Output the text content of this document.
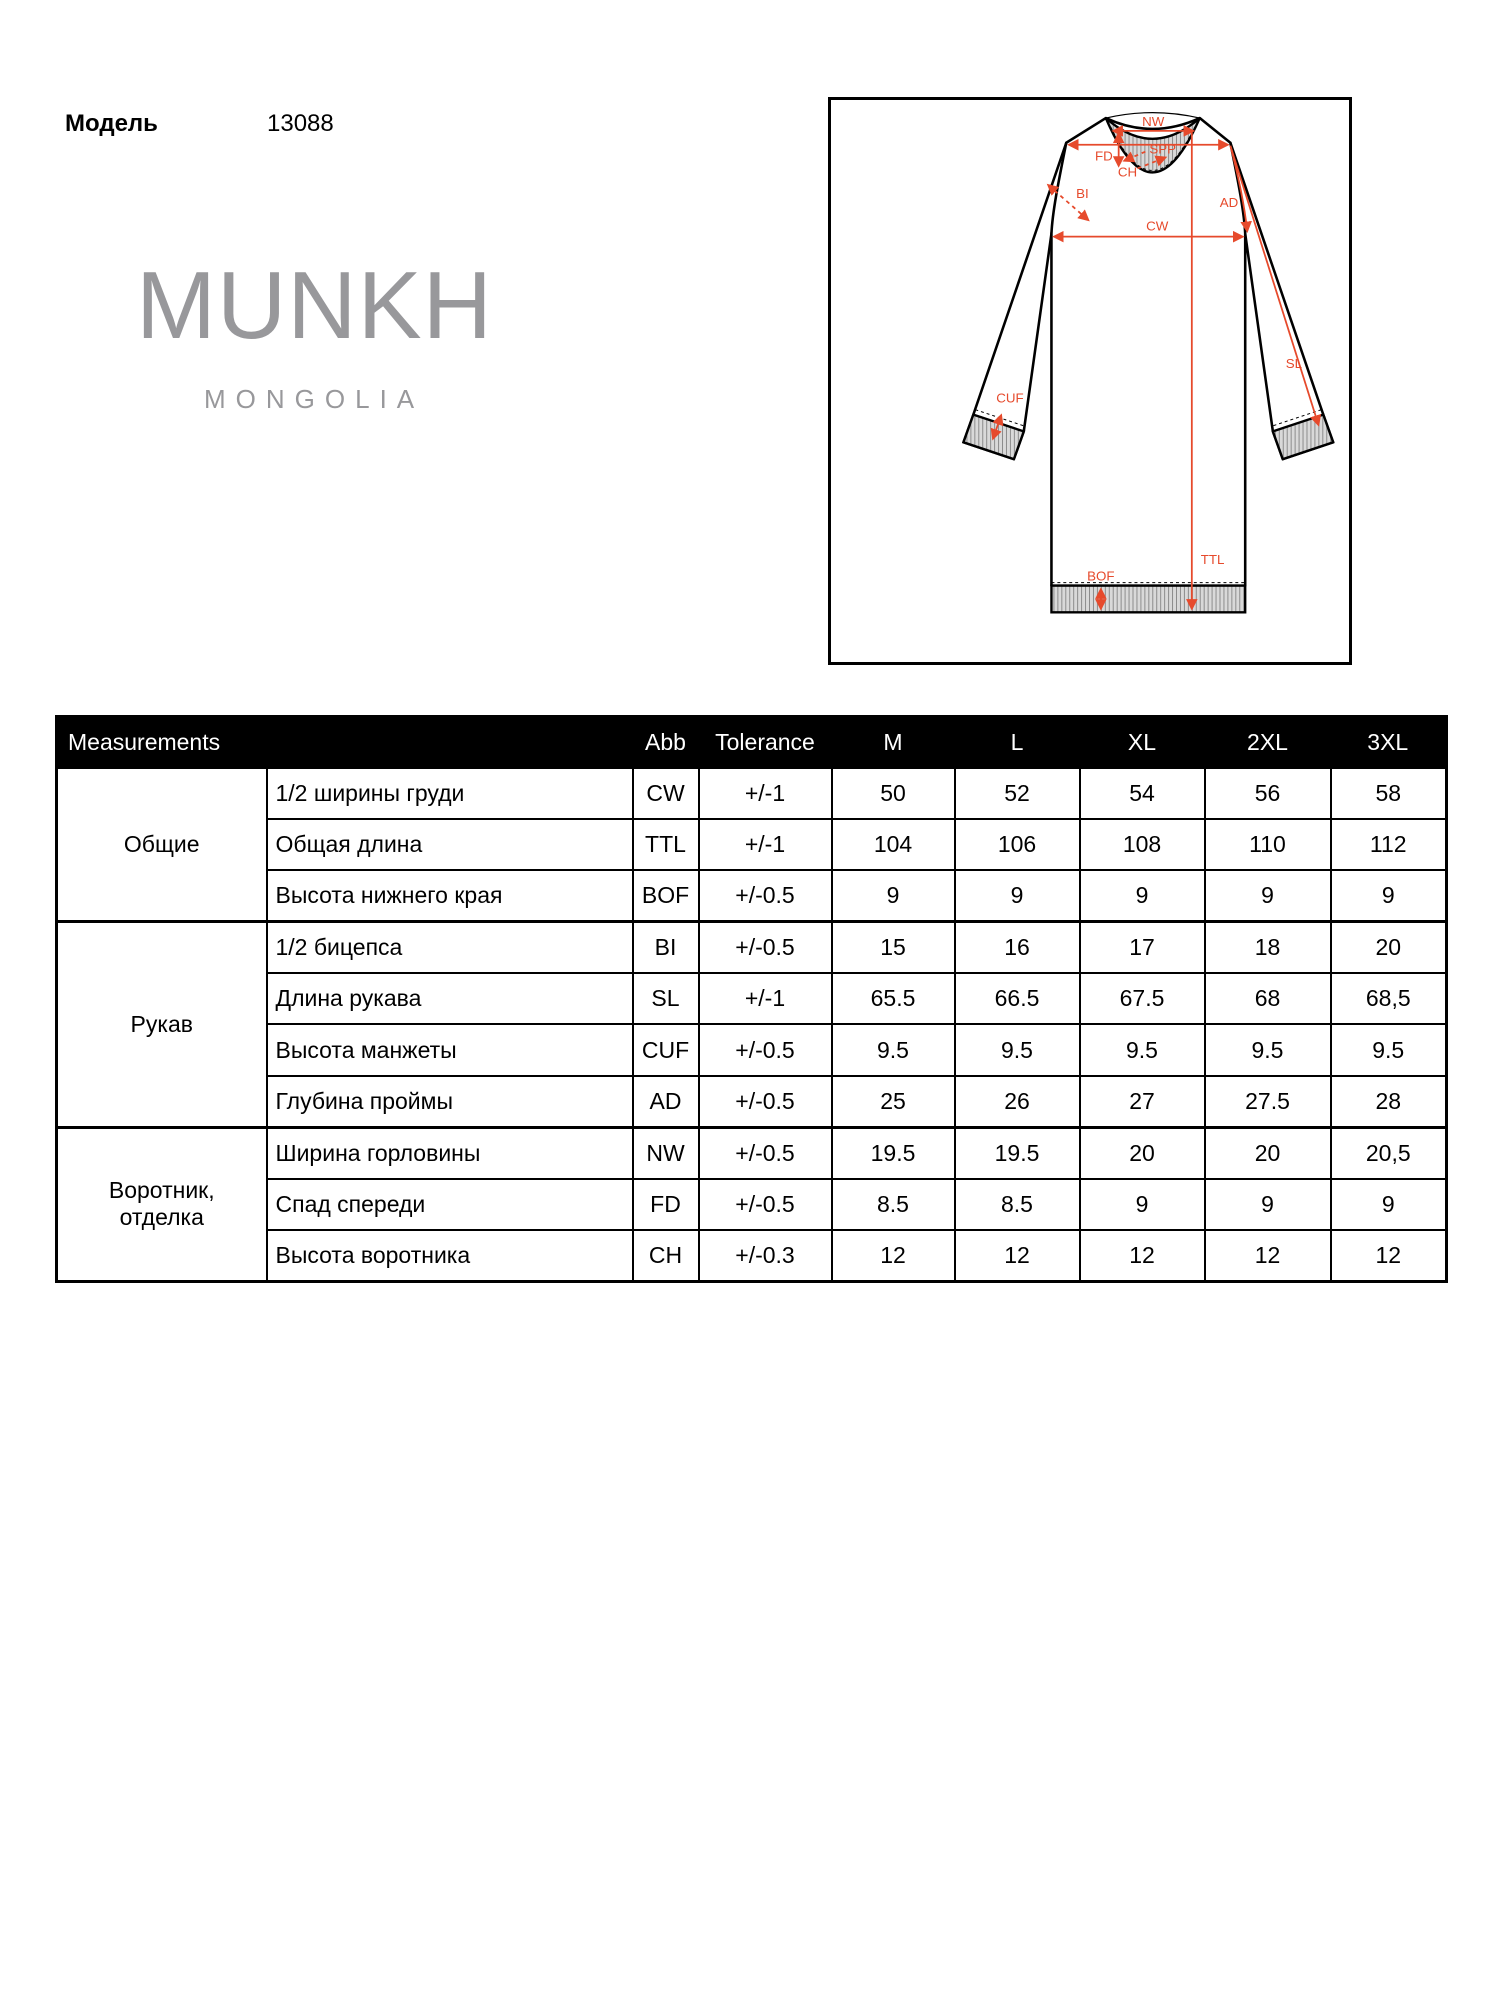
Модель	13088
MUNKH
MONGOLIA
NW
SPP
FD
CH
BI
AD
CW
SL
CUF
TTL
BOF
Measurements		Abb	Tolerance	M	L	XL	2XL	3XL
Общие	1/2 ширины груди	CW	+/-1	50	52	54	56	58
	Общая длина	TTL	+/-1	104	106	108	110	112
	Высота нижнего края	BOF	+/-0.5	9	9	9	9	9
Рукав	1/2 бицепса	BI	+/-0.5	15	16	17	18	20
	Длина рукава	SL	+/-1	65.5	66.5	67.5	68	68,5
	Высота манжеты	CUF	+/-0.5	9.5	9.5	9.5	9.5	9.5
	Глубина проймы	AD	+/-0.5	25	26	27	27.5	28
Воротник, отделка	Ширина горловины	NW	+/-0.5	19.5	19.5	20	20	20,5
	Спад спереди	FD	+/-0.5	8.5	8.5	9	9	9
	Высота воротника	CH	+/-0.3	12	12	12	12	12
